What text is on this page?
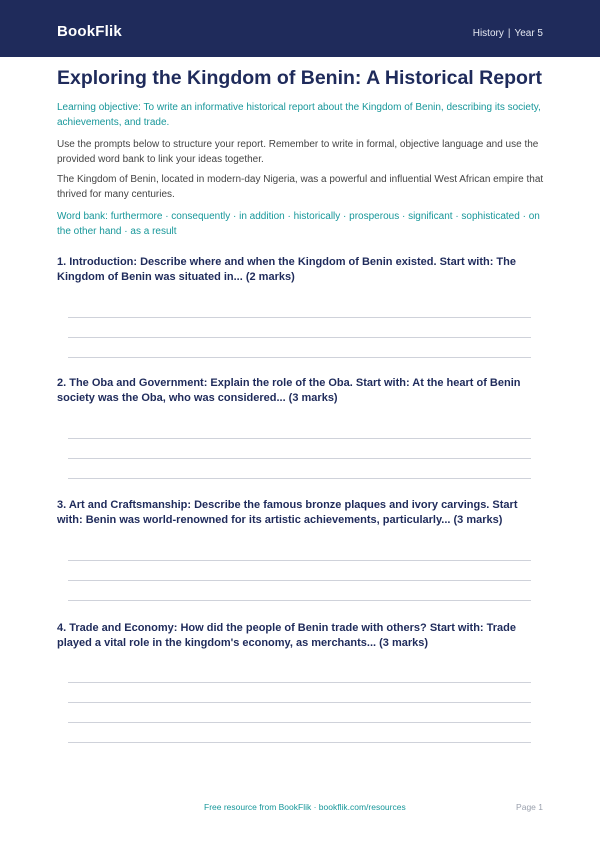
BookFlik	History | Year 5
Exploring the Kingdom of Benin: A Historical Report
Learning objective: To write an informative historical report about the Kingdom of Benin, describing its society, achievements, and trade.
Use the prompts below to structure your report. Remember to write in formal, objective language and use the provided word bank to link your ideas together.
The Kingdom of Benin, located in modern-day Nigeria, was a powerful and influential West African empire that thrived for many centuries.
Word bank: furthermore · consequently · in addition · historically · prosperous · significant · sophisticated · on the other hand · as a result
1. Introduction: Describe where and when the Kingdom of Benin existed. Start with: The Kingdom of Benin was situated in... (2 marks)
2. The Oba and Government: Explain the role of the Oba. Start with: At the heart of Benin society was the Oba, who was considered... (3 marks)
3. Art and Craftsmanship: Describe the famous bronze plaques and ivory carvings. Start with: Benin was world-renowned for its artistic achievements, particularly... (3 marks)
4. Trade and Economy: How did the people of Benin trade with others? Start with: Trade played a vital role in the kingdom's economy, as merchants... (3 marks)
Free resource from BookFlik · bookflik.com/resources	Page 1
